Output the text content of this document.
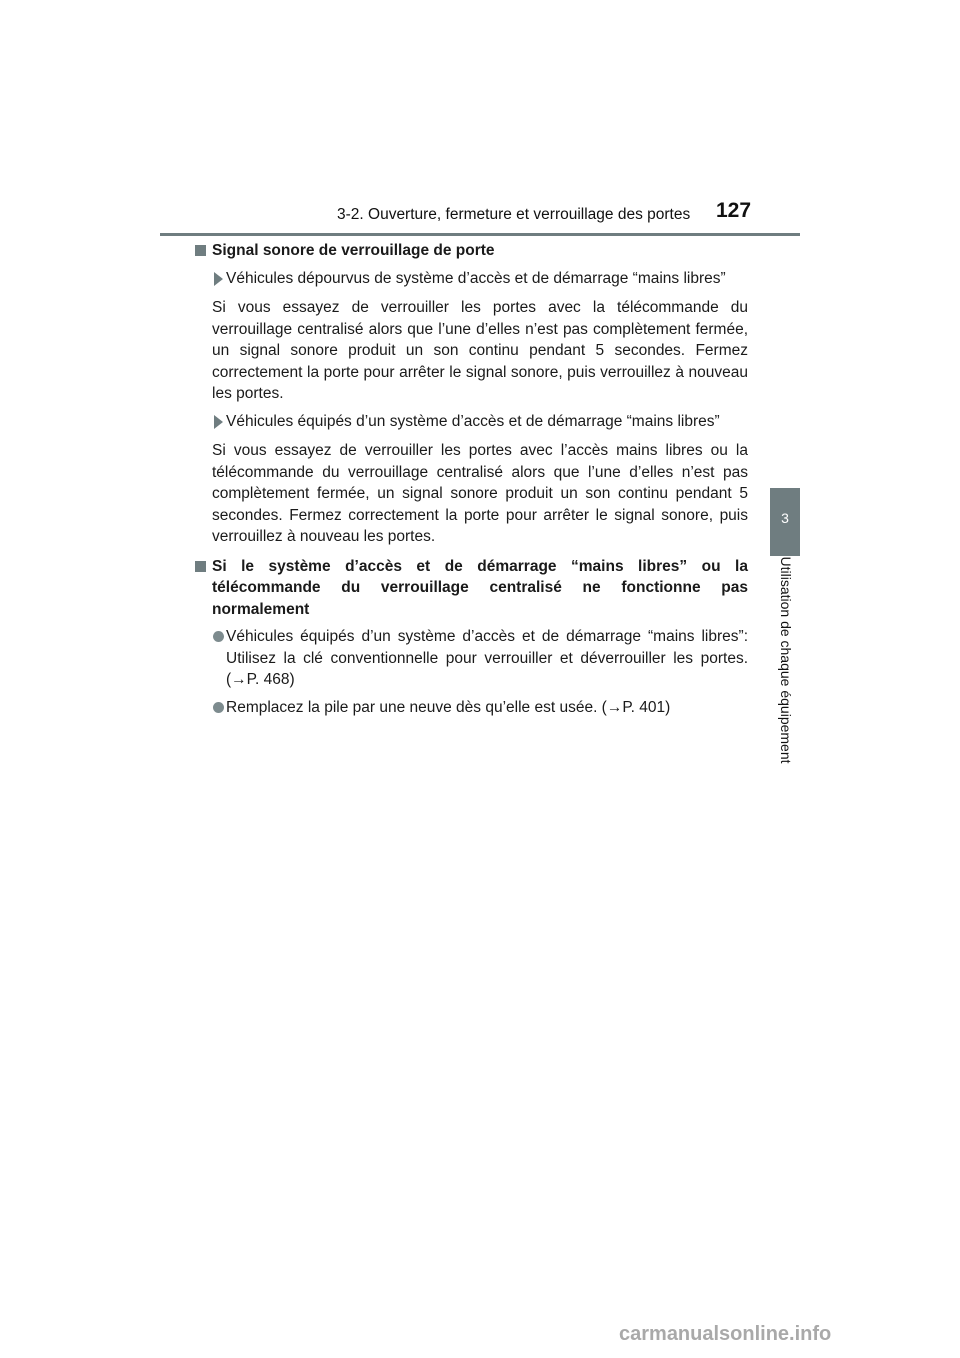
3-2. Ouverture, fermeture et verrouillage des portes 127
3
Utilisation de chaque équipement
Signal sonore de verrouillage de porte
Véhicules dépourvus de système d’accès et de démarrage “mains libres”
Si vous essayez de verrouiller les portes avec la télécommande du verrouillage centralisé alors que l’une d’elles n’est pas complètement fermée, un signal sonore produit un son continu pendant 5 secondes. Fermez correctement la porte pour arrêter le signal sonore, puis verrouillez à nouveau les portes.
Véhicules équipés d’un système d’accès et de démarrage “mains libres”
Si vous essayez de verrouiller les portes avec l’accès mains libres ou la télécommande du verrouillage centralisé alors que l’une d’elles n’est pas complètement fermée, un signal sonore produit un son continu pendant 5 secondes. Fermez correctement la porte pour arrêter le signal sonore, puis verrouillez à nouveau les portes.
Si le système d’accès et de démarrage “mains libres” ou la télécommande du verrouillage centralisé ne fonctionne pas normalement
Véhicules équipés d’un système d’accès et de démarrage “mains libres”: Utilisez la clé conventionnelle pour verrouiller et déverrouiller les portes. (→P. 468)
Remplacez la pile par une neuve dès qu’elle est usée. (→P. 401)
carmanualsonline.info
